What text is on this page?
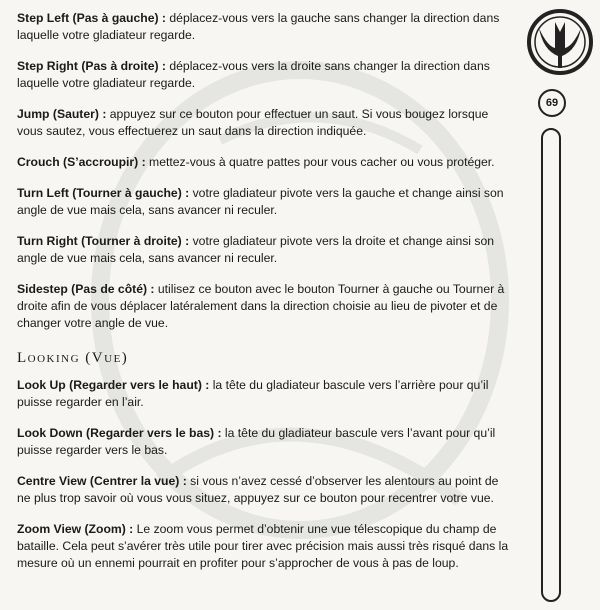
Step Left (Pas à gauche) : déplacez-vous vers la gauche sans changer la direction dans laquelle votre gladiateur regarde.

Step Right (Pas à droite) : déplacez-vous vers la droite sans changer la direction dans laquelle votre gladiateur regarde.

Jump (Sauter) : appuyez sur ce bouton pour effectuer un saut. Si vous bougez lorsque vous sautez, vous effectuerez un saut dans la direction indiquée.

Crouch (S’accroupir) : mettez-vous à quatre pattes pour vous cacher ou vous protéger.

Turn Left (Tourner à gauche) : votre gladiateur pivote vers la gauche et change ainsi son angle de vue mais cela, sans avancer ni reculer.

Turn Right (Tourner à droite) : votre gladiateur pivote vers la droite et change ainsi son angle de vue mais cela, sans avancer ni reculer.

Sidestep (Pas de côté) : utilisez ce bouton avec le bouton Tourner à gauche ou Tourner à droite afin de vous déplacer latéralement dans la direction choisie au lieu de pivoter et de changer votre angle de vue.

Looking (Vue)

Look Up (Regarder vers le haut) : la tête du gladiateur bascule vers l’arrière pour qu’il puisse regarder en l’air.

Look Down (Regarder vers le bas) : la tête du gladiateur bascule vers l’avant pour qu’il puisse regarder vers le bas.

Centre View (Centrer la vue) : si vous n’avez cessé d’observer les alentours au point de ne plus trop savoir où vous vous situez, appuyez sur ce bouton pour recentrer votre vue.

Zoom View (Zoom) : Le zoom vous permet d’obtenir une vue télescopique du champ de bataille. Cela peut s’avérer très utile pour tirer avec précision mais aussi très risqué dans la mesure où un ennemi pourrait en profiter pour s’approcher de vous à pas de loup.

69
